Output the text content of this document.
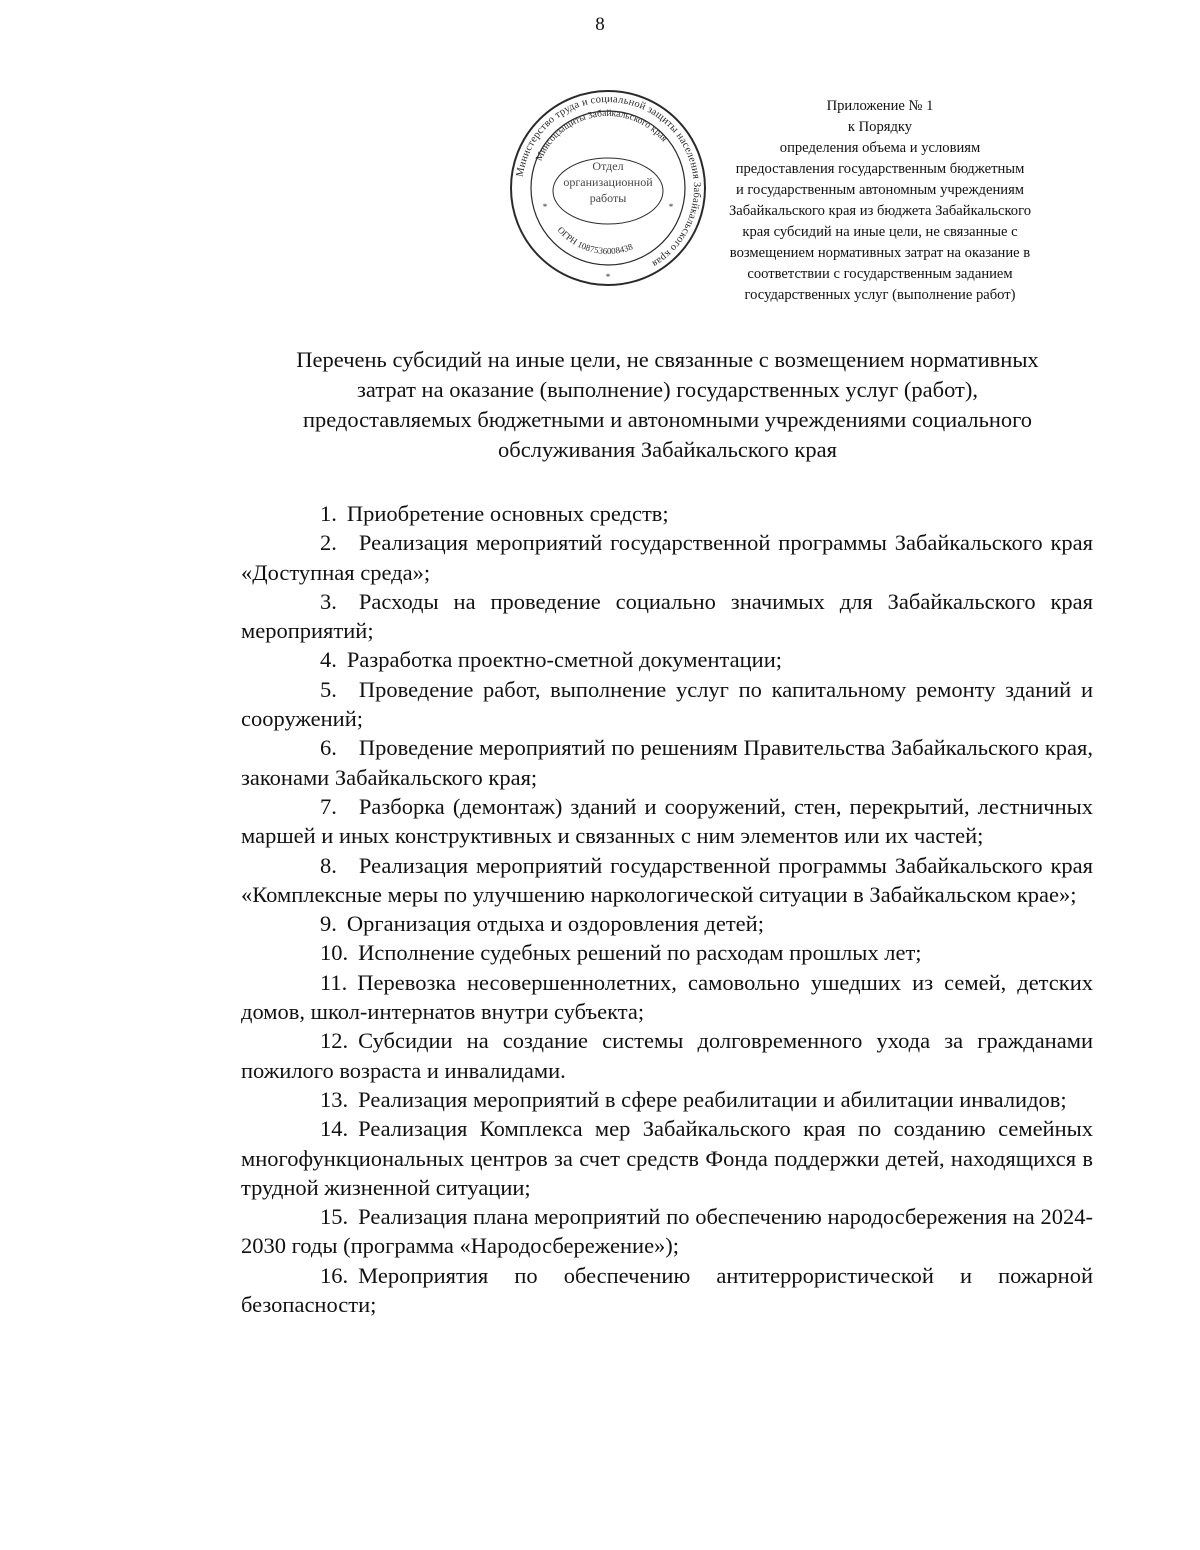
8
Министерство труда и социальной защиты населения Забайкальского края
Минсоцзащиты Забайкальского края
ОГРН 1087536008438
Отдел
организационной
работы
*	*
*
Приложение № 1
к Порядку
определения объема и условиям
предоставления государственным бюджетным
и государственным автономным учреждениям
Забайкальского края из бюджета Забайкальского
края субсидий на иные цели, не связанные с
возмещением нормативных затрат на оказание в
соответствии с государственным заданием
государственных услуг (выполнение работ)
Перечень субсидий на иные цели, не связанные с возмещением нормативных
затрат на оказание (выполнение) государственных услуг (работ),
предоставляемых бюджетными и автономными учреждениями социального
обслуживания Забайкальского края

1. Приобретение основных средств;

2. Реализация мероприятий государственной программы Забайкальского края «Доступная среда»;

3. Расходы на проведение социально значимых для Забайкальского края мероприятий;

4. Разработка проектно-сметной документации;

5. Проведение работ, выполнение услуг по капитальному ремонту зданий и сооружений;

6. Проведение мероприятий по решениям Правительства Забайкальского края, законами Забайкальского края;

7. Разборка (демонтаж) зданий и сооружений, стен, перекрытий, лестничных маршей и иных конструктивных и связанных с ним элементов или их частей;

8. Реализация мероприятий государственной программы Забайкальского края «Комплексные меры по улучшению наркологической ситуации в Забайкальском крае»;

9. Организация отдыха и оздоровления детей;

10. Исполнение судебных решений по расходам прошлых лет;

11. Перевозка несовершеннолетних, самовольно ушедших из семей, детских домов, школ-интернатов внутри субъекта;

12. Субсидии на создание системы долговременного ухода за гражданами пожилого возраста и инвалидами.

13. Реализация мероприятий в сфере реабилитации и абилитации инвалидов;

14. Реализация Комплекса мер Забайкальского края по созданию семейных многофункциональных центров за счет средств Фонда поддержки детей, находящихся в трудной жизненной ситуации;

15. Реализация плана мероприятий по обеспечению народосбережения на 2024-2030 годы (программа «Народосбережение»);

16. Мероприятия по обеспечению антитеррористической и пожарной безопасности;
